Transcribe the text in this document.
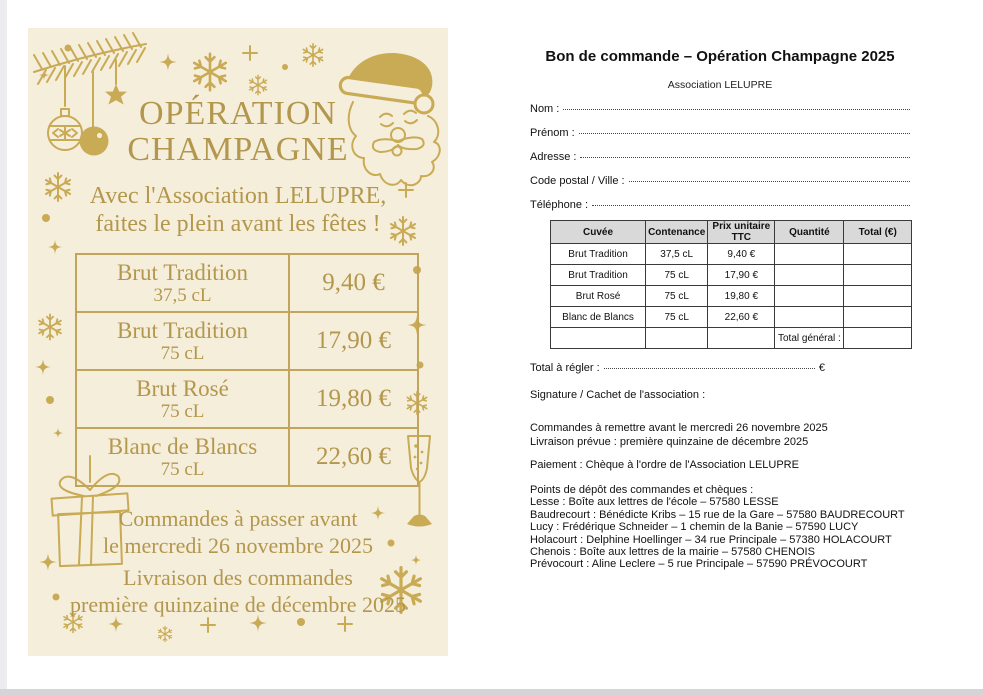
OPÉRATION
CHAMPAGNE
Avec l'Association LELUPRE,
faites le plein avant les fêtes !
Brut Tradition
37,5 cL	9,40 €
Brut Tradition
75 cL	17,90 €
Brut Rosé
75 cL	19,80 €
Blanc de Blancs
75 cL	22,60 €
Commandes à passer avant
le mercredi 26 novembre 2025
Livraison des commandes
première quinzaine de décembre 2025
Bon de commande – Opération Champagne 2025
Association LELUPRE
Nom :
Prénom :
Adresse :
Code postal / Ville :
Téléphone :
Cuvée	Contenance	Prix unitaire TTC	Quantité	Total (€)
Brut Tradition	37,5 cL	9,40 €		
Brut Tradition	75 cL	17,90 €		
Brut Rosé	75 cL	19,80 €		
Blanc de Blancs	75 cL	22,60 €		
			Total général :	
Total à régler :	€
Signature / Cachet de l'association :
Commandes à remettre avant le mercredi 26 novembre 2025
Livraison prévue : première quinzaine de décembre 2025
Paiement : Chèque à l'ordre de l'Association LELUPRE
Points de dépôt des commandes et chèques :
Lesse : Boîte aux lettres de l'école – 57580 LESSE
Baudrecourt : Bénédicte Kribs – 15 rue de la Gare – 57580 BAUDRECOURT
Lucy : Frédérique Schneider – 1 chemin de la Banie – 57590 LUCY
Holacourt : Delphine Hoellinger – 34 rue Principale – 57380 HOLACOURT
Chenois : Boîte aux lettres de la mairie – 57580 CHENOIS
Prévocourt : Aline Leclere – 5 rue Principale – 57590 PRÉVOCOURT
